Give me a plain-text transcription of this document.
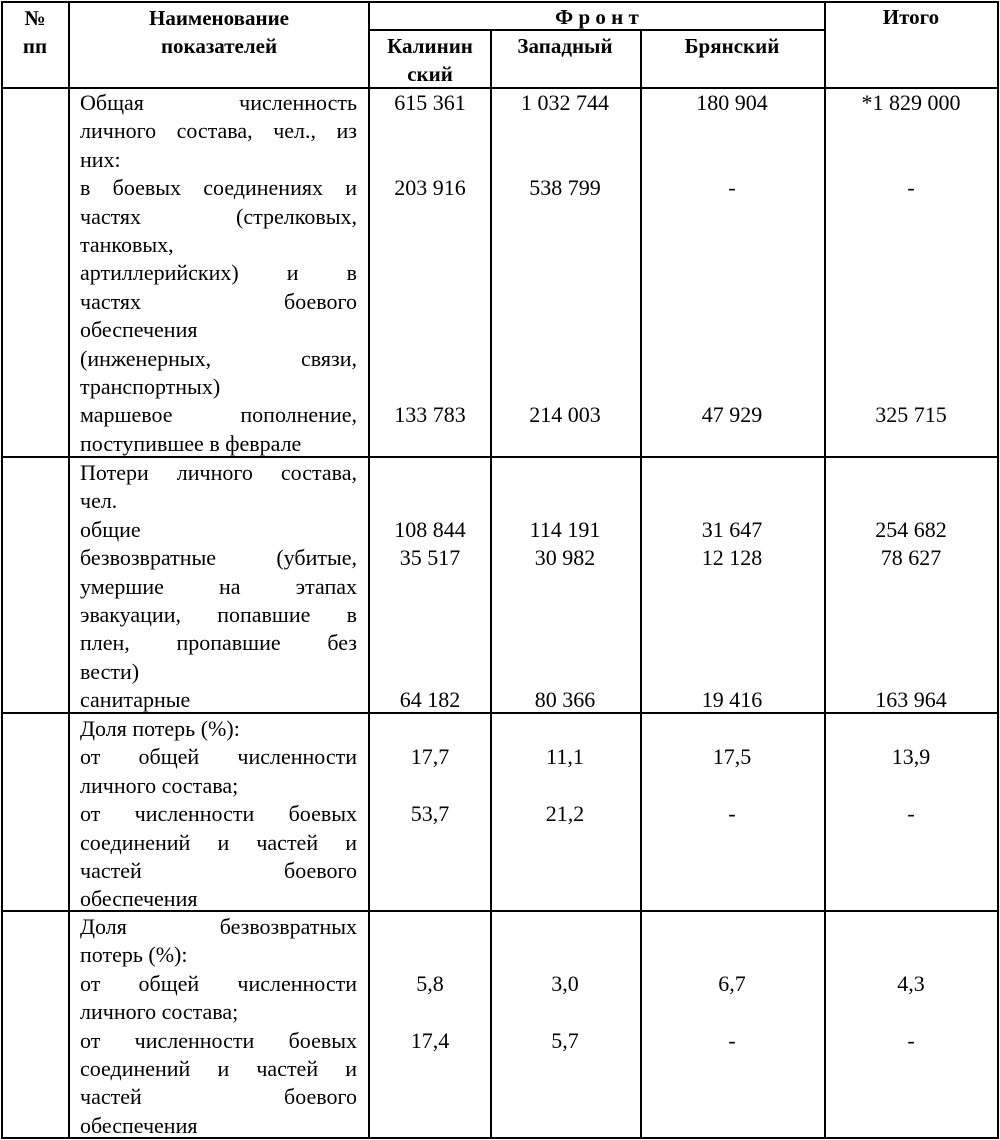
№
пп
Наименование
показателей
Ф р о н т
Калинин
ский
Западный	Брянский
Итого
Общая численность
личного состава, чел., из
них:
в боевых соединениях и
частях (стрелковых,
танковых,
артиллерийских) и в
частях боевого
обеспечения
(инженерных, связи,
транспортных)
маршевое пополнение,
поступившее в феврале
615 361
203 916
133 783
1 032 744
538 799
214 003
180 904
-
47 929
*1 829 000
-
325 715
Потери личного состава,
чел.
общие
безвозвратные (убитые,
умершие на этапах
эвакуации, попавшие в
плен, пропавшие без
вести)
санитарные
108 844
35 517
64 182
114 191
30 982
80 366
31 647
12 128
19 416
254 682
78 627
163 964
Доля потерь (%):
от общей численности
личного состава;
от численности боевых
соединений и частей и
частей боевого
обеспечения
17,7
53,7
11,1
21,2
17,5
-
13,9
-
Доля безвозвратных
потерь (%):
от общей численности
личного состава;
от численности боевых
соединений и частей и
частей боевого
обеспечения
5,8
17,4
3,0
5,7
6,7
-
4,3
-
